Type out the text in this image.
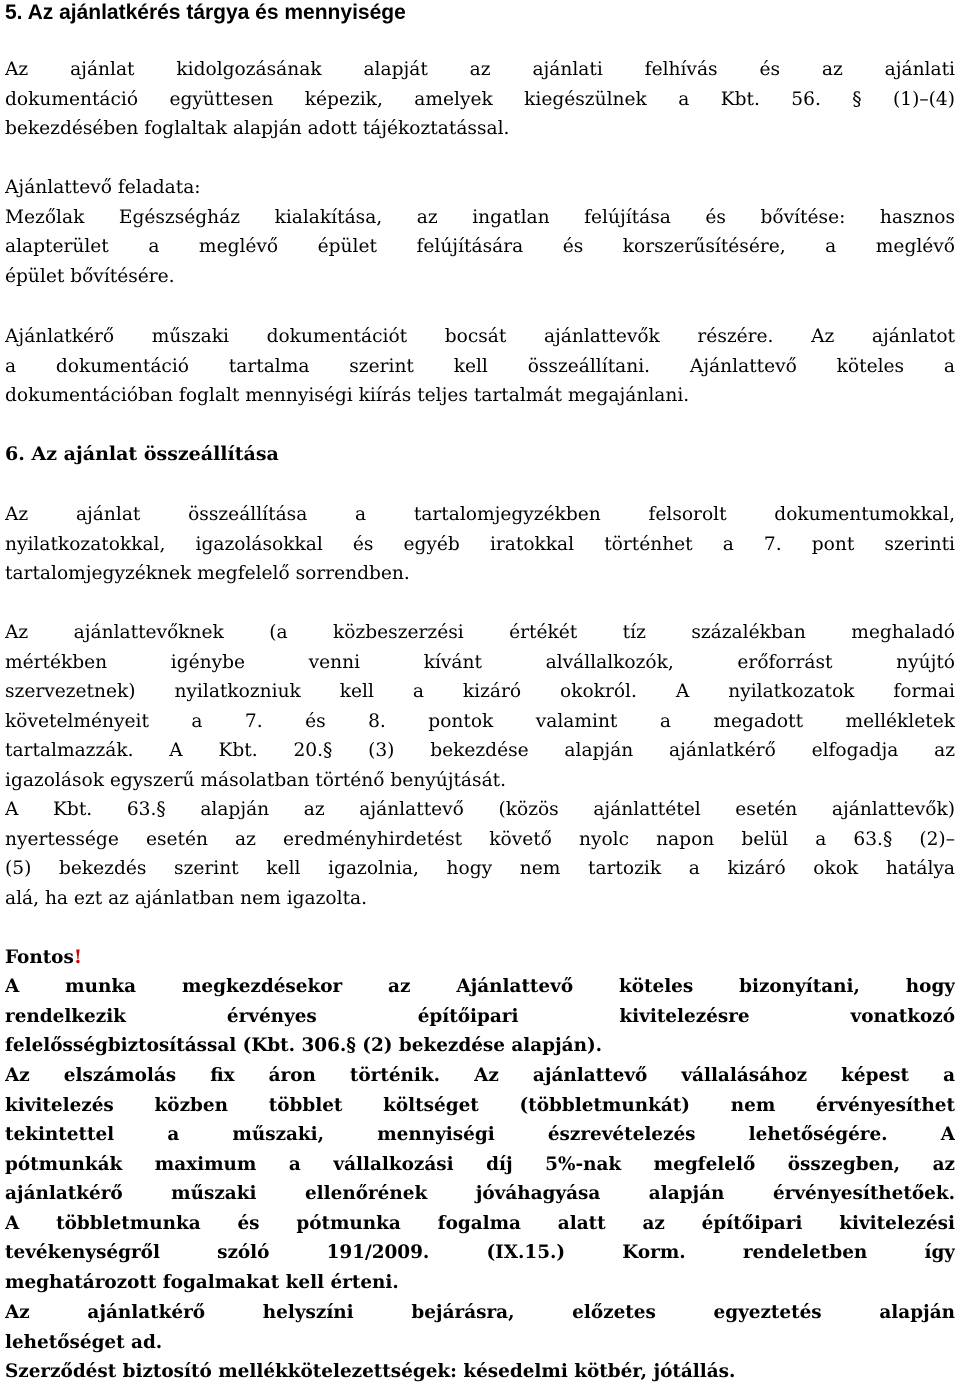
5. Az ajánlatkérés tárgya és mennyisége

Az ajánlat kidolgozásának alapját az ajánlati felhívás és az ajánlati
dokumentáció együttesen képezik, amelyek kiegészülnek a Kbt. 56. § (1)–(4)
bekezdésében foglaltak alapján adott tájékoztatással.

Ajánlattevő feladata:
Mezőlak Egészségház kialakítása, az ingatlan felújítása és bővítése: hasznos
alapterület a meglévő épület felújítására és korszerűsítésére, a meglévő
épület bővítésére.

Ajánlatkérő műszaki dokumentációt bocsát ajánlattevők részére. Az ajánlatot
a dokumentáció tartalma szerint kell összeállítani. Ajánlattevő köteles a
dokumentációban foglalt mennyiségi kiírás teljes tartalmát megajánlani.

6. Az ajánlat összeállítása

Az ajánlat összeállítása a tartalomjegyzékben felsorolt dokumentumokkal,
nyilatkozatokkal, igazolásokkal és egyéb iratokkal történhet a 7. pont szerinti
tartalomjegyzéknek megfelelő sorrendben.

Az ajánlattevőknek (a közbeszerzési értékét tíz százalékban meghaladó
mértékben igénybe venni kívánt alvállalkozók, erőforrást nyújtó
szervezetnek) nyilatkozniuk kell a kizáró okokról. A nyilatkozatok formai
követelményeit a 7. és 8. pontok valamint a megadott mellékletek
tartalmazzák. A Kbt. 20.§ (3) bekezdése alapján ajánlatkérő elfogadja az
igazolások egyszerű másolatban történő benyújtását.

A Kbt. 63.§ alapján az ajánlattevő (közös ajánlattétel esetén ajánlattevők)
nyertessége esetén az eredményhirdetést követő nyolc napon belül a 63.§ (2)–
(5) bekezdés szerint kell igazolnia, hogy nem tartozik a kizáró okok hatálya
alá, ha ezt az ajánlatban nem igazolta.

Fontos!

A munka megkezdésekor az Ajánlattevő köteles bizonyítani, hogy
rendelkezik érvényes építőipari kivitelezésre vonatkozó
felelősségbiztosítással (Kbt. 306.§ (2) bekezdése alapján).

Az elszámolás fix áron történik. Az ajánlattevő vállalásához képest a
kivitelezés közben többlet költséget (többletmunkát) nem érvényesíthet
tekintettel a műszaki, mennyiségi észrevételezés lehetőségére. A
pótmunkák maximum a vállalkozási díj 5%-nak megfelelő összegben, az
ajánlatkérő műszaki ellenőrének jóváhagyása alapján érvényesíthetőek.
A többletmunka és pótmunka fogalma alatt az építőipari kivitelezési
tevékenységről szóló 191/2009. (IX.15.) Korm. rendeletben így
meghatározott fogalmakat kell érteni.

Az ajánlatkérő helyszíni bejárásra, előzetes egyeztetés alapján
lehetőséget ad.

Szerződést biztosító mellékkötelezettségek: késedelmi kötbér, jótállás.
